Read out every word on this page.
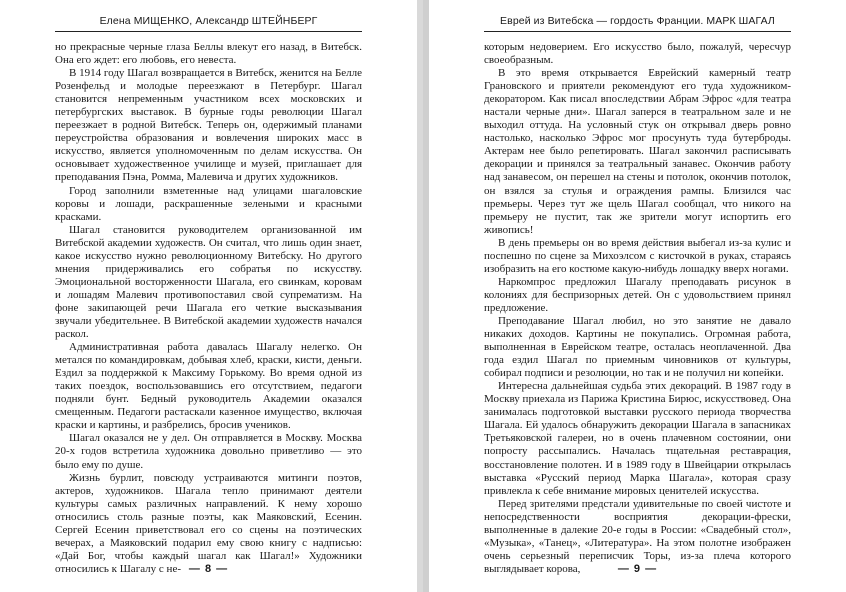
Елена МИЩЕНКО, Александр ШТЕЙНБЕРГ

но прекрасные черные глаза Беллы влекут его назад, в Витебск. Она его ждет: его любовь, его невеста.

В 1914 году Шагал возвращается в Витебск, женится на Белле Розенфельд и молодые переезжают в Петербург. Шагал становится непременным участником всех московских и петербургских выставок. В бурные годы революции Шагал переезжает в родной Витебск. Теперь он, одержимый планами переустройства образования и вовлечения широких масс в искусство, является уполномоченным по делам искусства. Он основывает художественное училище и музей, приглашает для преподавания Пэна, Ромма, Малевича и других художников.

Город заполнили взметенные над улицами шагаловские коровы и лошади, раскрашенные зелеными и красными красками.

Шагал становится руководителем организованной им Витебской академии художеств. Он считал, что лишь один знает, какое искусство нужно революционному Витебску. Но другого мнения придерживались его собратья по искусству. Эмоциональной восторженности Шагала, его свинкам, коровам и лошадям Малевич противопоставил свой супрематизм. На фоне закипающей речи Шагала его четкие высказывания звучали убедительнее. В Витебской академии художеств начался раскол.

Административная работа давалась Шагалу нелегко. Он метался по командировкам, добывая хлеб, краски, кисти, деньги. Ездил за поддержкой к Максиму Горькому. Во время одной из таких поездок, воспользовавшись его отсутствием, педагоги подняли бунт. Бедный руководитель Академии оказался смещенным. Педагоги растаскали казенное имущество, включая краски и картины, и разбрелись, бросив учеников.

Шагал оказался не у дел. Он отправляется в Москву. Москва 20-х годов встретила художника довольно приветливо — это было ему по душе.

Жизнь бурлит, повсюду устраиваются митинги поэтов, актеров, художников. Шагала тепло принимают деятели культуры самых различных направлений. К нему хорошо относились столь разные поэты, как Маяковский, Есенин. Сергей Есенин приветствовал его со сцены на поэтических вечерах, а Маяковский подарил ему свою книгу с надписью: «Дай Бог, чтобы каждый шагал как Шагал!» Художники относились к Шагалу с не- — 8 —
Еврей из Витебска — гордость Франции. МАРК ШАГАЛ

которым недоверием. Его искусство было, пожалуй, чересчур своеобразным.

В это время открывается Еврейский камерный театр Грановского и приятели рекомендуют его туда художником-декоратором. Как писал впоследствии Абрам Эфрос «для театра настали черные дни». Шагал заперся в театральном зале и не выходил оттуда. На условный стук он открывал дверь ровно настолько, насколько Эфрос мог просунуть туда бутерброды. Актерам нее было репетировать. Шагал закончил расписывать декорации и принялся за театральный занавес. Окончив работу над занавесом, он перешел на стены и потолок, окончив потолок, он взялся за стулья и ограждения рампы. Близился час премьеры. Через тут же щель Шагал сообщал, что никого на премьеру не пустит, так же зрители могут испортить его живопись!

В день премьеры он во время действия выбегал из-за кулис и поспешно по сцене за Михоэлсом с кисточкой в руках, стараясь изобразить на его костюме какую-нибудь лошадку вверх ногами.

Наркомпрос предложил Шагалу преподавать рисунок в колониях для беспризорных детей. Он с удовольствием принял предложение.

Преподавание Шагал любил, но это занятие не давало никаких доходов. Картины не покупались. Огромная работа, выполненная в Еврейском театре, осталась неоплаченной. Два года ездил Шагал по приемным чиновников от культуры, собирал подписи и резолюции, но так и не получил ни копейки.

Интересна дальнейшая судьба этих декораций. В 1987 году в Москву приехала из Парижа Кристина Бирюс, искусствовед. Она занималась подготовкой выставки русского периода творчества Шагала. Ей удалось обнаружить декорации Шагала в запасниках Третьяковской галереи, но в очень плачевном состоянии, они попросту рассыпались. Началась тщательная реставрация, восстановление полотен. И в 1989 году в Швейцарии открылась выставка «Русский период Марка Шагала», которая сразу привлекла к себе внимание мировых ценителей искусства.

Перед зрителями предстали удивительные по своей чистоте и непосредственности восприятия декорации-фрески, выполненные в далекие 20-е годы в России: «Свадебный стол», «Музыка», «Танец», «Литература». На этом полотне изображен очень серьезный переписчик Торы, из-за плеча которого выглядывает корова,	— 9 —
